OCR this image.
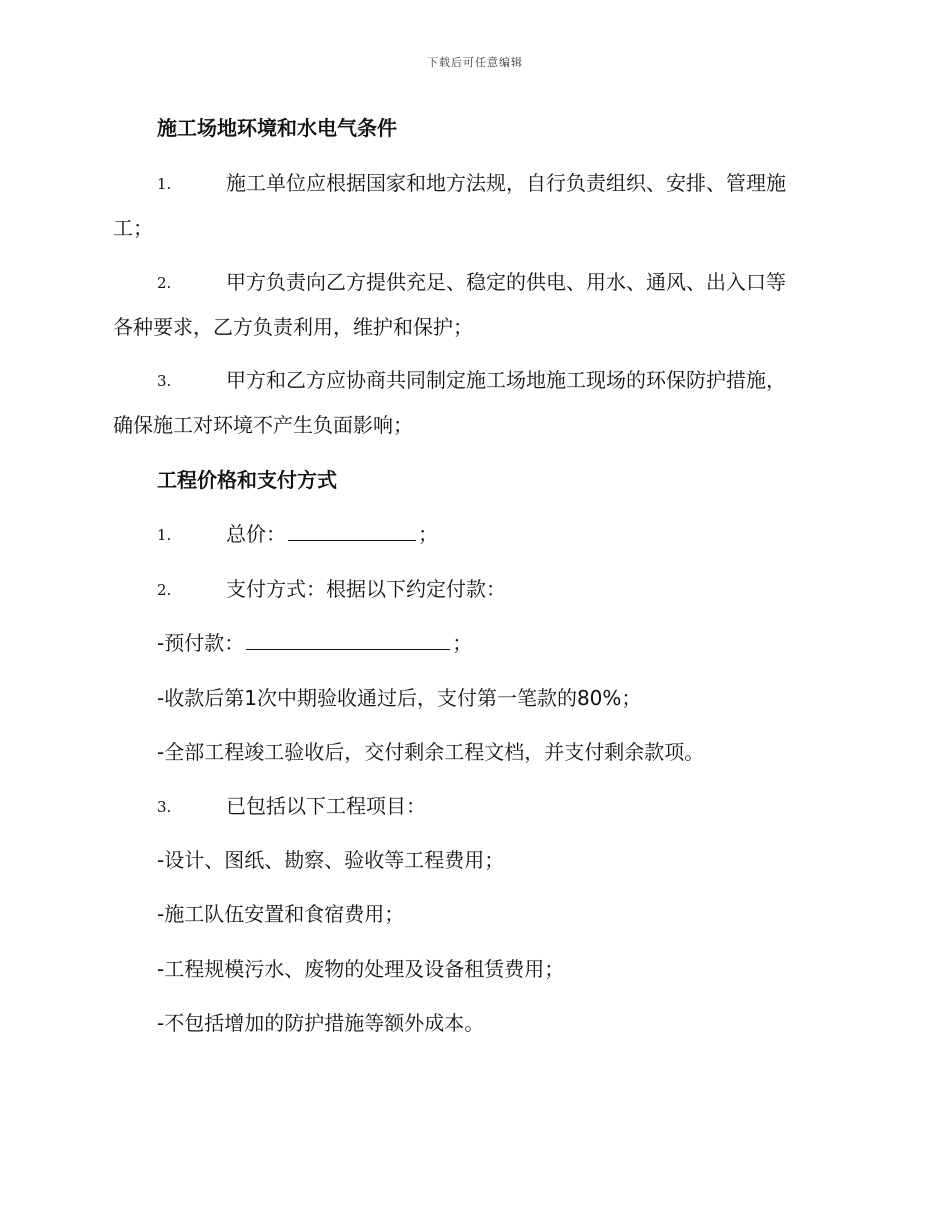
下载后可任意编辑
施工场地环境和水电气条件
1.	施工单位应根据国家和地方法规，自行负责组织、安排、管理施
工；
2.	甲方负责向乙方提供充足、稳定的供电、用水、通风、出入口等
各种要求，乙方负责利用，维护和保护；
3.	甲方和乙方应协商共同制定施工场地施工现场的环保防护措施，
确保施工对环境不产生负面影响；
工程价格和支付方式
1.	总价：	；
2.	支付方式：根据以下约定付款：
-预付款：	；
-收款后第1次中期验收通过后，支付第一笔款的80%；
-全部工程竣工验收后，交付剩余工程文档，并支付剩余款项。
3.	已包括以下工程项目：
-设计、图纸、勘察、验收等工程费用；
-施工队伍安置和食宿费用；
-工程规模污水、废物的处理及设备租赁费用；
-不包括增加的防护措施等额外成本。
